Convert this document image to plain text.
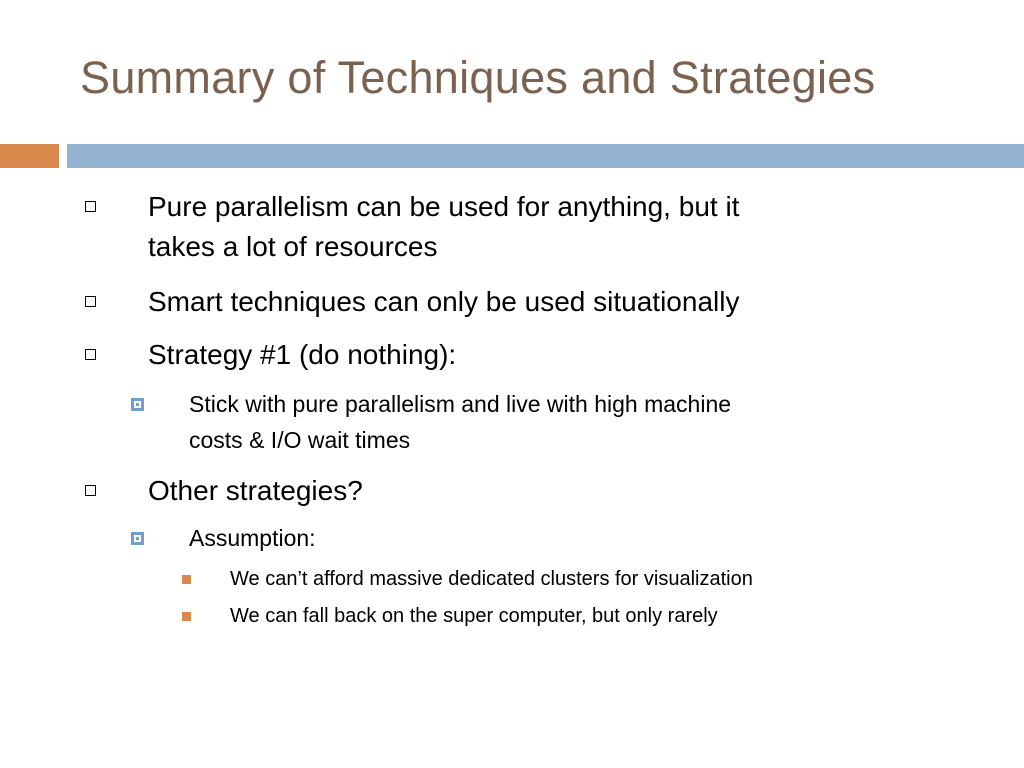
Summary of Techniques and Strategies
Pure parallelism can be used for anything, but it
takes a lot of resources
Smart techniques can only be used situationally
Strategy #1 (do nothing):
Stick with pure parallelism and live with high machine
costs & I/O wait times
Other strategies?
Assumption:
We can’t afford massive dedicated clusters for visualization
We can fall back on the super computer, but only rarely
